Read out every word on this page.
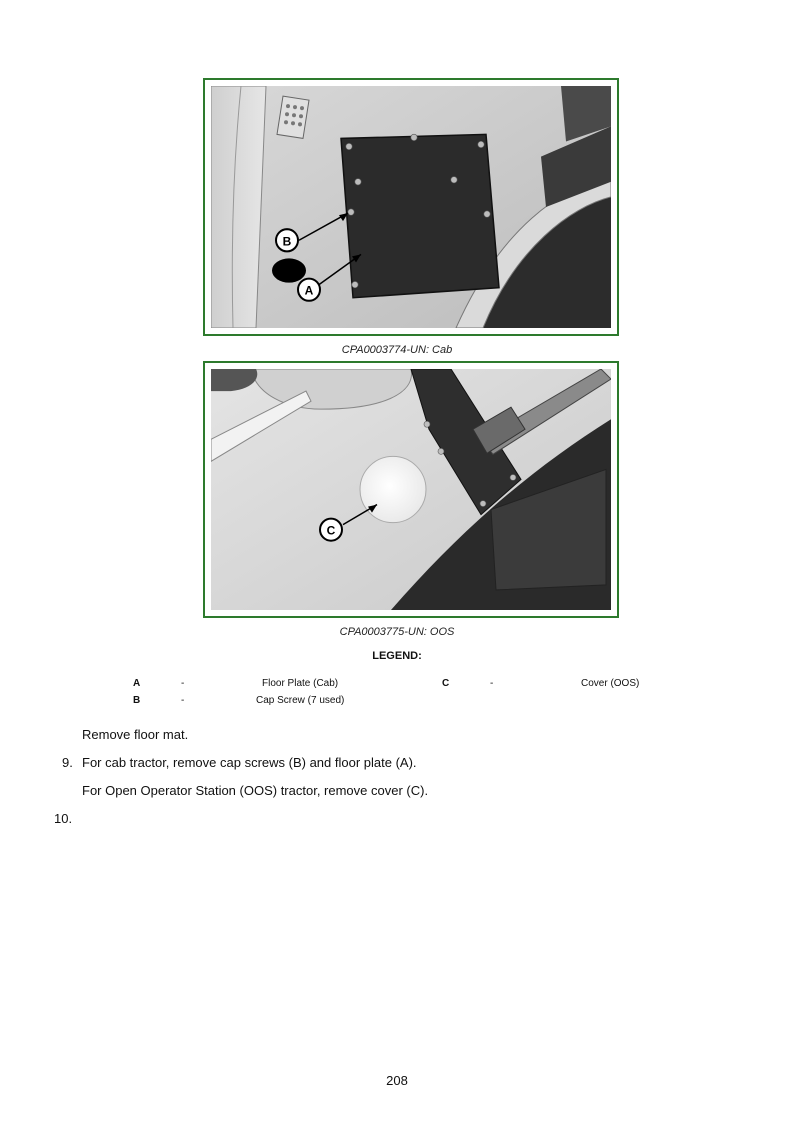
B
A
CPA0003774-UN: Cab
C
CPA0003775-UN: OOS
LEGEND:
A	-	Floor Plate (Cab)	C	-	Cover (OOS)
B	-	Cap Screw (7 used)
Remove floor mat.
9. For cab tractor, remove cap screws (B) and floor plate (A).
For Open Operator Station (OOS) tractor, remove cover (C).
10.
208
